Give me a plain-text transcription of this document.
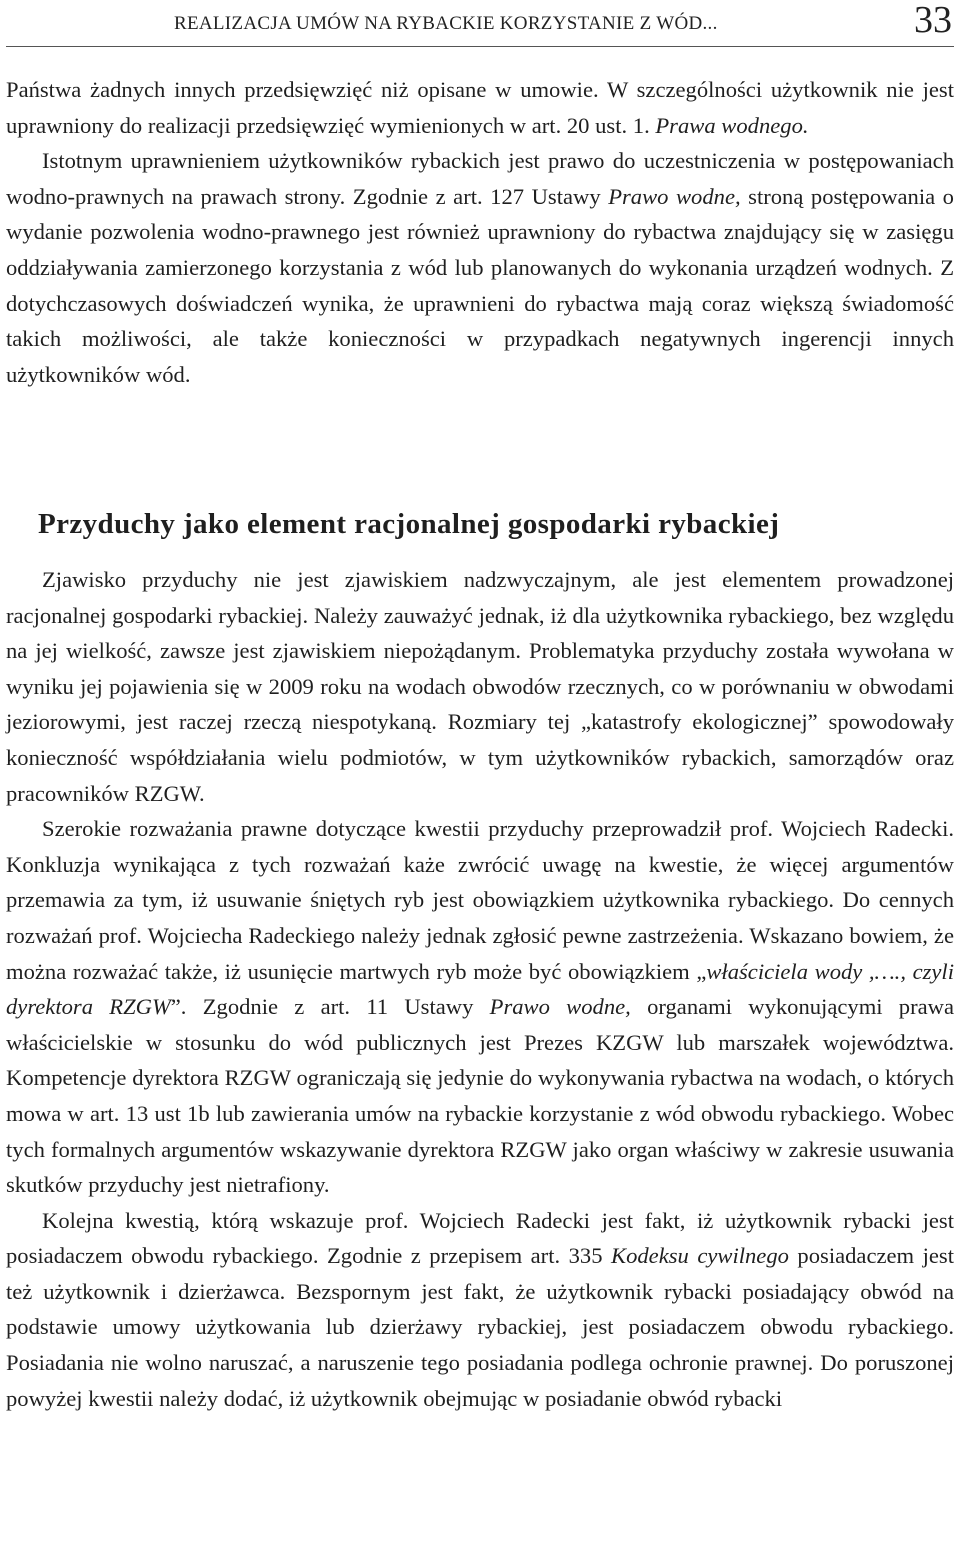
REALIZACJA UMÓW NA RYBACKIE KORZYSTANIE Z WÓD...	33

Państwa żadnych innych przedsięwzięć niż opisane w umowie. W szczególności użytkownik nie jest uprawniony do realizacji przedsięwzięć wymienionych w art. 20 ust. 1. Prawa wodnego.

Istotnym uprawnieniem użytkowników rybackich jest prawo do uczestniczenia w postępowaniach wodno-prawnych na prawach strony. Zgodnie z art. 127 Ustawy Prawo wodne, stroną postępowania o wydanie pozwolenia wodno-prawnego jest również uprawniony do rybactwa znajdujący się w zasięgu oddziaływania zamierzonego korzystania z wód lub planowanych do wykonania urządzeń wodnych. Z dotychczasowych doświadczeń wynika, że uprawnieni do rybactwa mają coraz większą świadomość takich możliwości, ale także konieczności w przypadkach negatywnych ingerencji innych użytkowników wód.

Przyduchy jako element racjonalnej gospodarki rybackiej

Zjawisko przyduchy nie jest zjawiskiem nadzwyczajnym, ale jest elementem prowadzonej racjonalnej gospodarki rybackiej. Należy zauważyć jednak, iż dla użytkownika rybackiego, bez względu na jej wielkość, zawsze jest zjawiskiem niepożądanym. Problematyka przyduchy została wywołana w wyniku jej pojawienia się w 2009 roku na wodach obwodów rzecznych, co w porównaniu w obwodami jeziorowymi, jest raczej rzeczą niespotykaną. Rozmiary tej „katastrofy ekologicznej” spowodowały konieczność współdziałania wielu podmiotów, w tym użytkowników rybackich, samorządów oraz pracowników RZGW.

Szerokie rozważania prawne dotyczące kwestii przyduchy przeprowadził prof. Wojciech Radecki. Konkluzja wynikająca z tych rozważań każe zwrócić uwagę na kwestie, że więcej argumentów przemawia za tym, iż usuwanie śniętych ryb jest obowiązkiem użytkownika rybackiego. Do cennych rozważań prof. Wojciecha Radeckiego należy jednak zgłosić pewne zastrzeżenia. Wskazano bowiem, że można rozważać także, iż usunięcie martwych ryb może być obowiązkiem „właściciela wody ,…., czyli dyrektora RZGW”. Zgodnie z art. 11 Ustawy Prawo wodne, organami wykonującymi prawa właścicielskie w stosunku do wód publicznych jest Prezes KZGW lub marszałek województwa. Kompetencje dyrektora RZGW ograniczają się jedynie do wykonywania rybactwa na wodach, o których mowa w art. 13 ust 1b lub zawierania umów na rybackie korzystanie z wód obwodu rybackiego. Wobec tych formalnych argumentów wskazywanie dyrektora RZGW jako organ właściwy w zakresie usuwania skutków przyduchy jest nietrafiony.

Kolejna kwestią, którą wskazuje prof. Wojciech Radecki jest fakt, iż użytkownik rybacki jest posiadaczem obwodu rybackiego. Zgodnie z przepisem art. 335 Kodeksu cywilnego posiadaczem jest też użytkownik i dzierżawca. Bezspornym jest fakt, że użytkownik rybacki posiadający obwód na podstawie umowy użytkowania lub dzierżawy rybackiej, jest posiadaczem obwodu rybackiego. Posiadania nie wolno naruszać, a naruszenie tego posiadania podlega ochronie prawnej. Do poruszonej powyżej kwestii należy dodać, iż użytkownik obejmując w posiadanie obwód rybacki
